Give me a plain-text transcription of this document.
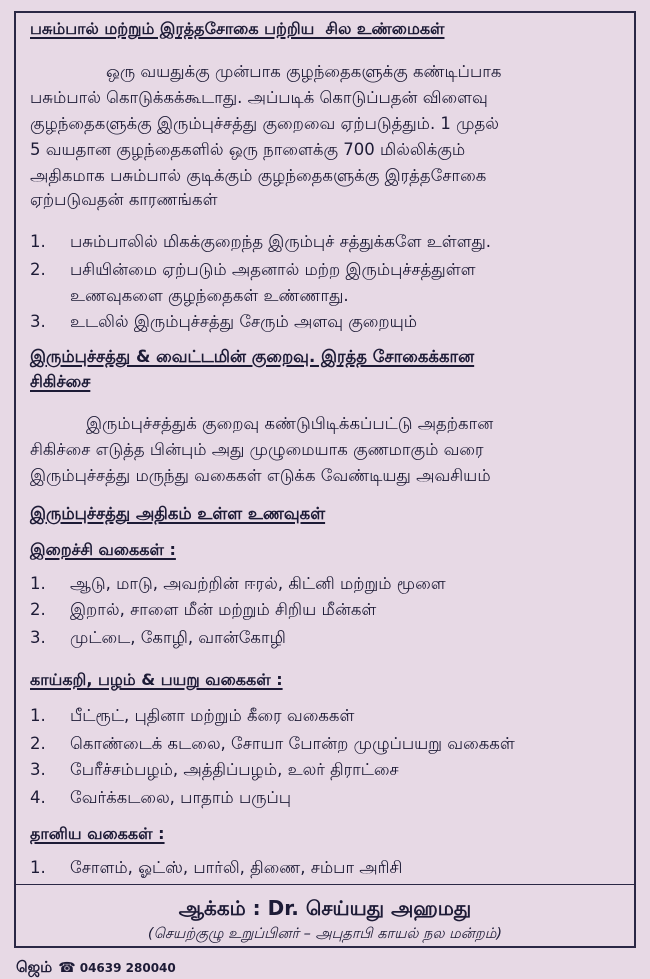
பசும்பால் மற்றும் இரத்தசோகை பற்றிய  சில உண்மைகள்
ஒரு வயதுக்கு முன்பாக குழந்தைகளுக்கு கண்டிப்பாக
பசும்பால் கொடுக்கக்கூடாது. அப்படிக் கொடுப்பதன் விளைவு
குழந்தைகளுக்கு இரும்புச்சத்து குறைவை ஏற்படுத்தும். 1 முதல்
5 வயதான குழந்தைகளில் ஒரு நாளைக்கு 700 மில்லிக்கும்
அதிகமாக பசும்பால் குடிக்கும் குழந்தைகளுக்கு இரத்தசோகை
ஏற்படுவதன் காரணங்கள்
1. பசும்பாலில் மிகக்குறைந்த இரும்புச் சத்துக்களே உள்ளது.
2. பசியின்மை ஏற்படும் அதனால் மற்ற இரும்புச்சத்துள்ள
உணவுகளை குழந்தைகள் உண்ணாது.
3. உடலில் இரும்புச்சத்து சேரும் அளவு குறையும்
இரும்புச்சத்து & வைட்டமின் குறைவு. இரத்த சோகைக்கான
சிகிச்சை
இரும்புச்சத்துக் குறைவு கண்டுபிடிக்கப்பட்டு அதற்கான
சிகிச்சை எடுத்த பின்பும் அது முழுமையாக குணமாகும் வரை
இரும்புச்சத்து மருந்து வகைகள் எடுக்க வேண்டியது அவசியம்
இரும்புச்சத்து அதிகம் உள்ள உணவுகள்
இறைச்சி வகைகள் :
1. ஆடு, மாடு, அவற்றின் ஈரல், கிட்னி மற்றும் மூளை
2. இறால், சாளை மீன் மற்றும் சிறிய மீன்கள்
3. முட்டை, கோழி, வான்கோழி
காய்கறி, பழம் & பயறு வகைகள் :
1. பீட்ரூட், புதினா மற்றும் கீரை வகைகள்
2. கொண்டைக் கடலை, சோயா போன்ற முழுப்பயறு வகைகள்
3. பேரீச்சம்பழம், அத்திப்பழம், உலர் திராட்சை
4. வேர்க்கடலை, பாதாம் பருப்பு
தானிய வகைகள் :
1. சோளம், ஓட்ஸ், பார்லி, திணை, சம்பா அரிசி
ஆக்கம் : Dr. செய்யது அஹமது
(செயற்குழு உறுப்பினர் – அபுதாபி காயல் நல மன்றம்)
ஜெம்☎ 04639 280040
